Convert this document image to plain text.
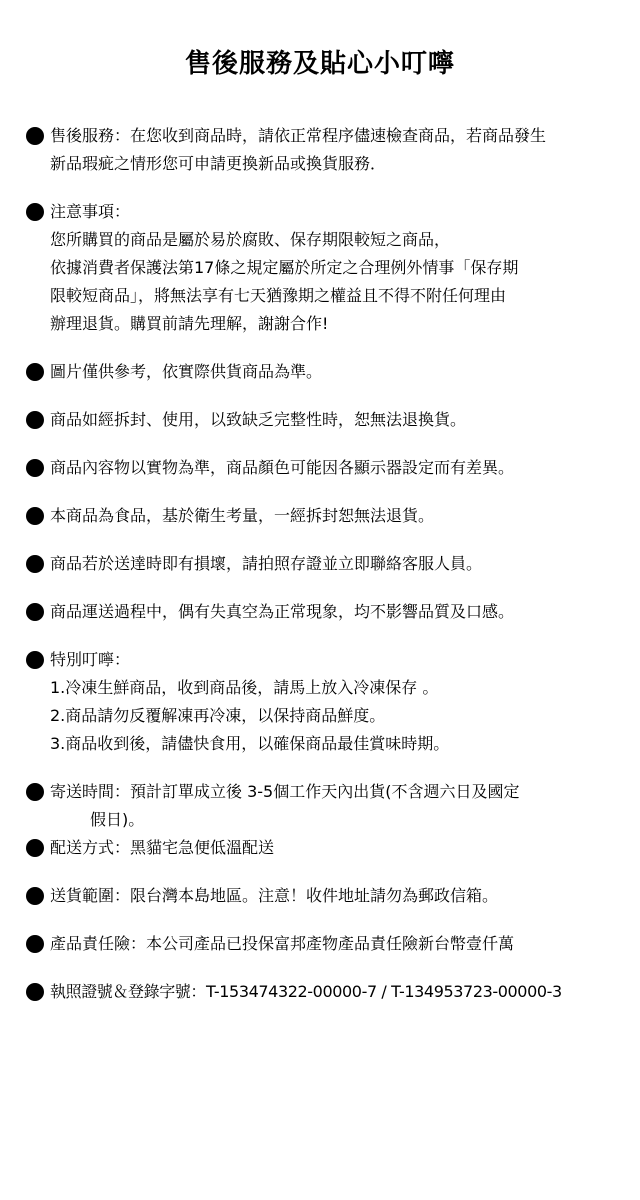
售後服務及貼心小叮嚀
售後服務：在您收到商品時，請依正常程序儘速檢查商品，若商品發生
新品瑕疵之情形您可申請更換新品或換貨服務．
注意事項：
您所購買的商品是屬於易於腐敗、保存期限較短之商品，
依據消費者保護法第17條之規定屬於所定之合理例外情事「保存期
限較短商品」，將無法享有七天猶豫期之權益且不得不附任何理由
辦理退貨。購買前請先理解，謝謝合作!
圖片僅供參考，依實際供貨商品為準。
商品如經拆封、使用，以致缺乏完整性時，恕無法退換貨。
商品內容物以實物為準，商品顏色可能因各顯示器設定而有差異。
本商品為食品，基於衛生考量，一經拆封恕無法退貨。
商品若於送達時即有損壞，請拍照存證並立即聯絡客服人員。
商品運送過程中，偶有失真空為正常現象，均不影響品質及口感。
特別叮嚀：
1.冷凍生鮮商品，收到商品後，請馬上放入冷凍保存 。
2.商品請勿反覆解凍再冷凍，以保持商品鮮度。
3.商品收到後，請儘快食用，以確保商品最佳賞味時期。
寄送時間：預計訂單成立後 3-5個工作天內出貨(不含週六日及國定
假日)。
配送方式：黑貓宅急便低溫配送
送貨範圍：限台灣本島地區。注意！收件地址請勿為郵政信箱。
產品責任險：本公司產品已投保富邦產物產品責任險新台幣壹仟萬
執照證號＆登錄字號：T-153474322-00000-7 / T-134953723-00000-3
